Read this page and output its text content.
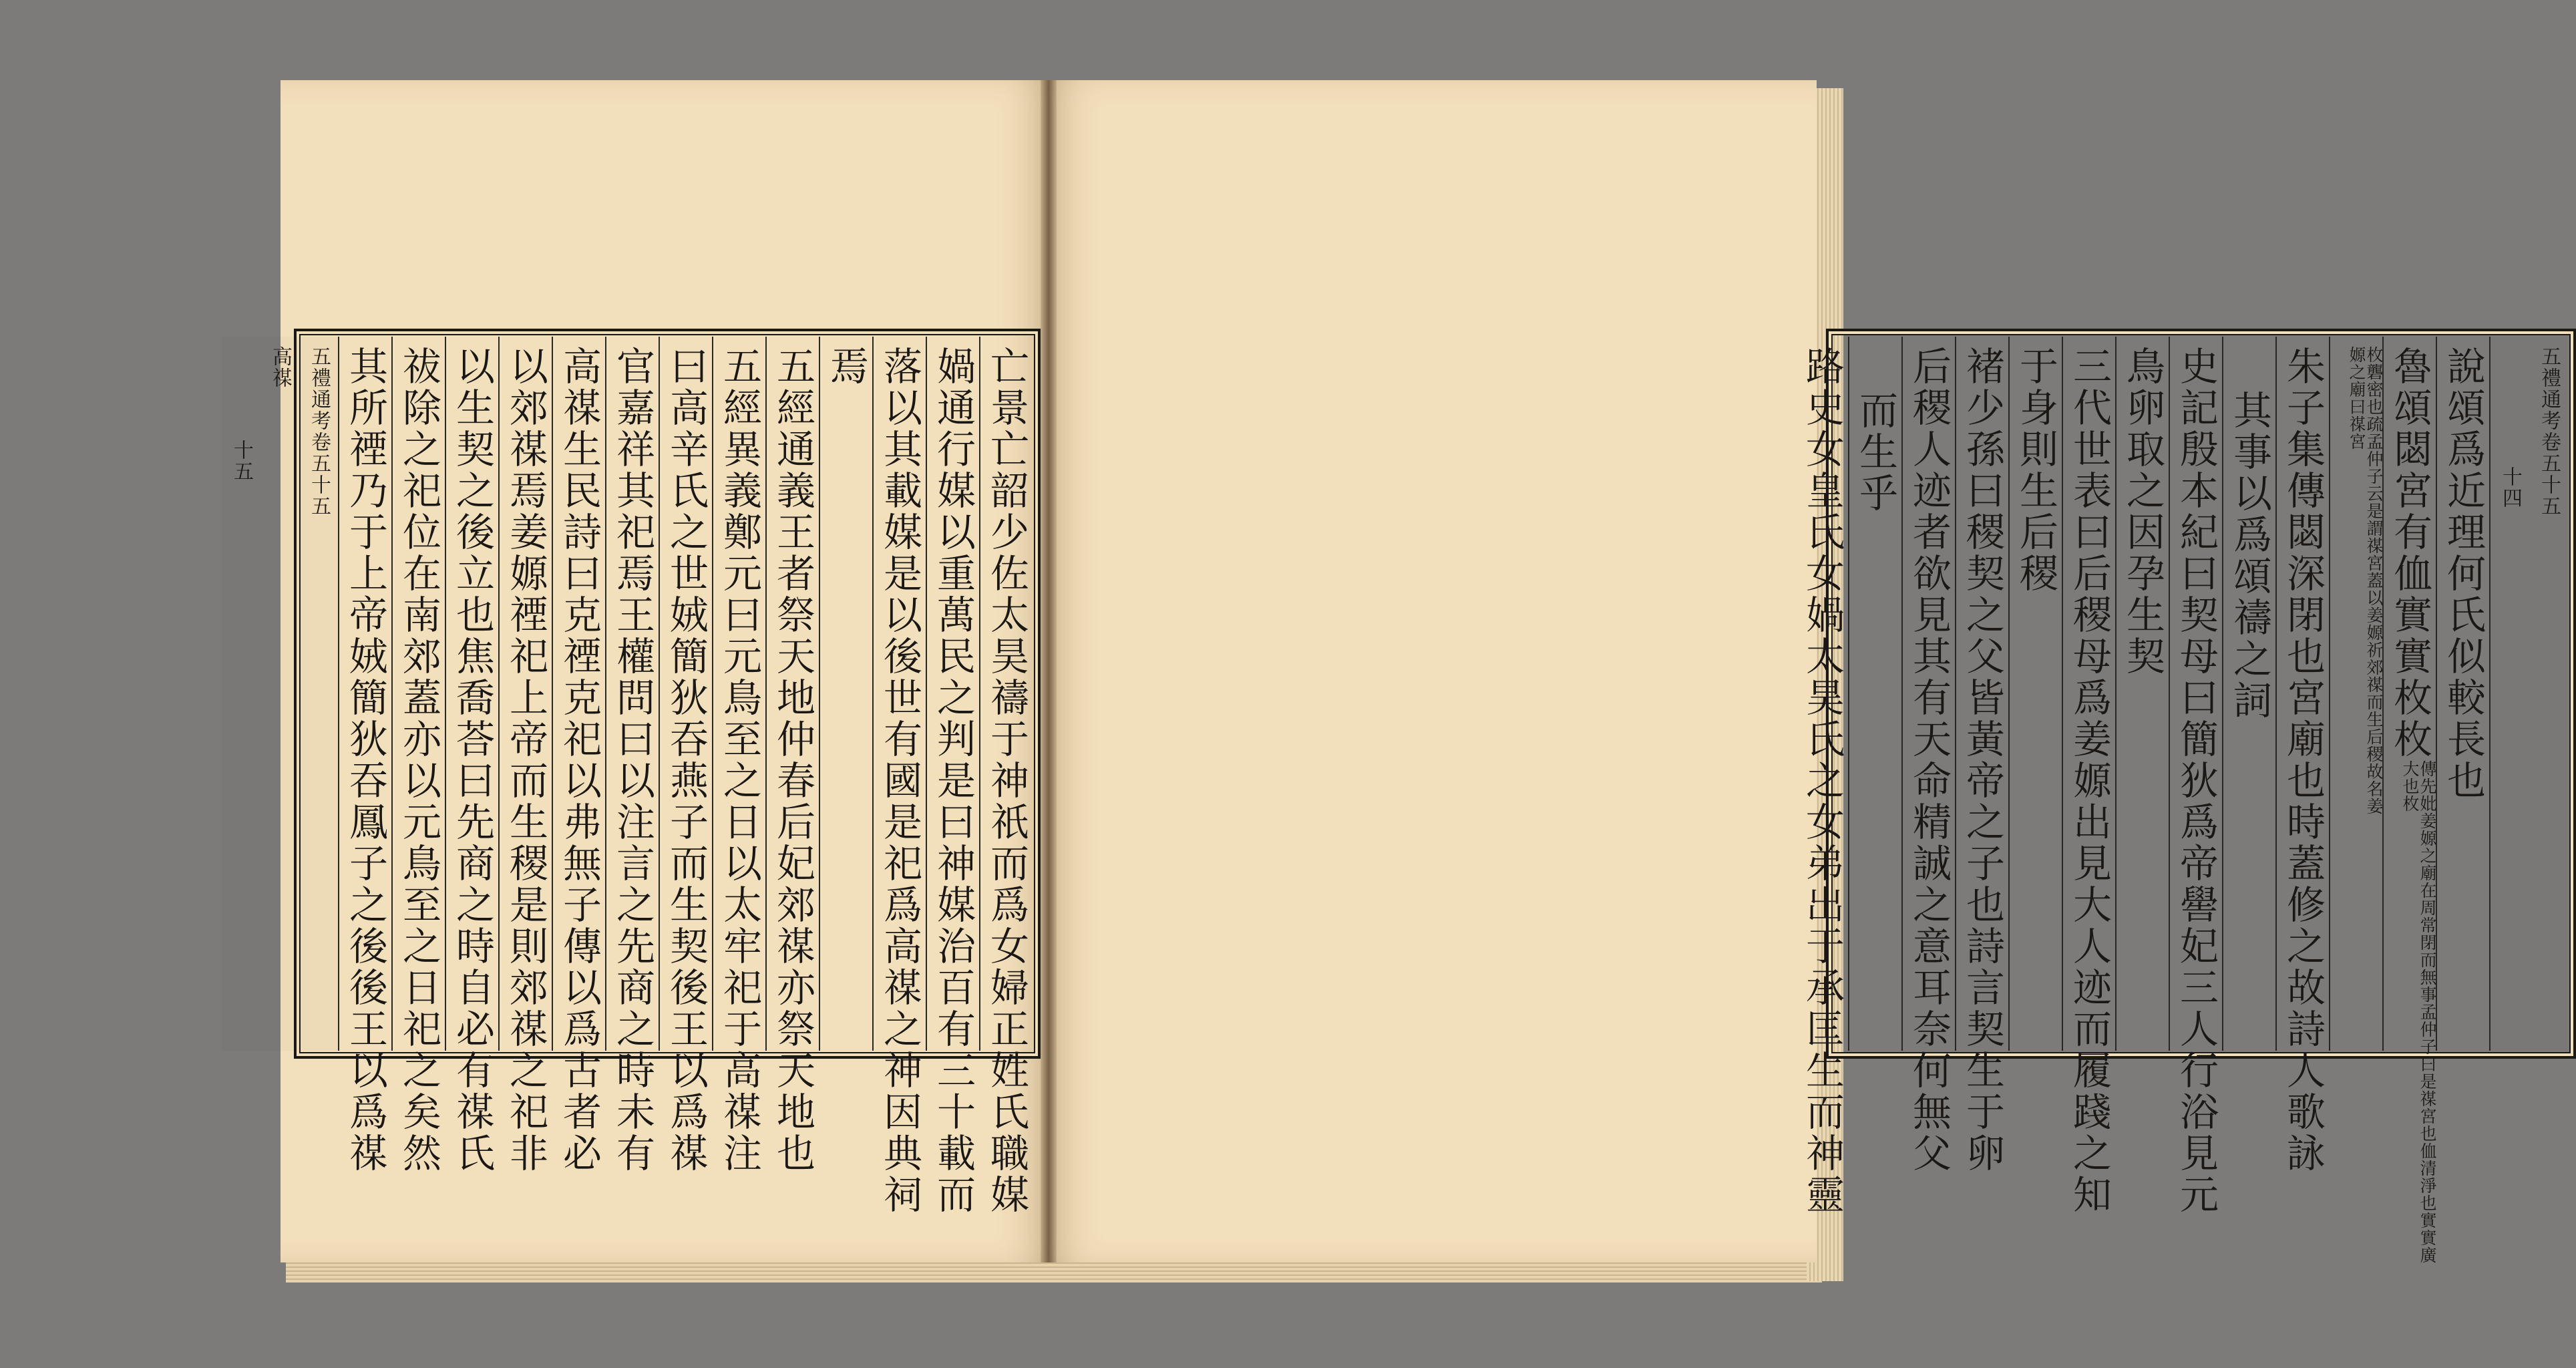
亡景亡韶少佐太昊禱于神祇而爲女婦正姓氏職媒
媧通行媒以重萬民之判是曰神媒治百有三十載而
落以其載媒是以後世有國是祀爲高禖之神因典祠
焉
五經通義王者祭天地仲春后妃郊禖亦祭天地也
五經異義鄭元曰元鳥至之日以太牢祀于高禖注
曰高辛氏之世娀簡狄吞燕子而生契後王以爲禖
官嘉祥其祀焉王權問曰以注言之先商之時未有
高禖生民詩曰克禋克祀以弗無子傳以爲古者必
以郊禖焉姜嫄禋祀上帝而生稷是則郊禖之祀非
以生契之後立也焦喬荅曰先商之時自必有禖氏
祓除之祀位在南郊蓋亦以元鳥至之日祀之矣然
其所禋乃于上帝娀簡狄吞鳳子之後後王以爲禖
五禮通考卷五十五
高禖
十五	五禮通考卷五十五
十四
說頌爲近理何氏似較長也
魯頌閟宮有侐實實枚枚傳先妣姜嫄之廟在周常閉而無事孟仲子曰是禖宮也侐清淨也實實廣大也枚
枚礱密也疏孟仲子云是謂禖宮蓋以姜嫄祈郊禖而生后稷故名姜嫄之廟曰禖宮
朱子集傳閟深閉也宮廟也時蓋修之故詩人歌詠
其事以爲頌禱之詞
史記殷本紀曰契母曰簡狄爲帝嚳妃三人行浴見元
鳥卵取之因孕生契
三代世表曰后稷母爲姜嫄出見大人迹而履踐之知
于身則生后稷
褚少孫曰稷契之父皆黃帝之子也詩言契生于卵
后稷人迹者欲見其有天命精誠之意耳奈何無父
而生乎
路史女皇氏女媧太昊氏之女弟出于承匡生而神靈
